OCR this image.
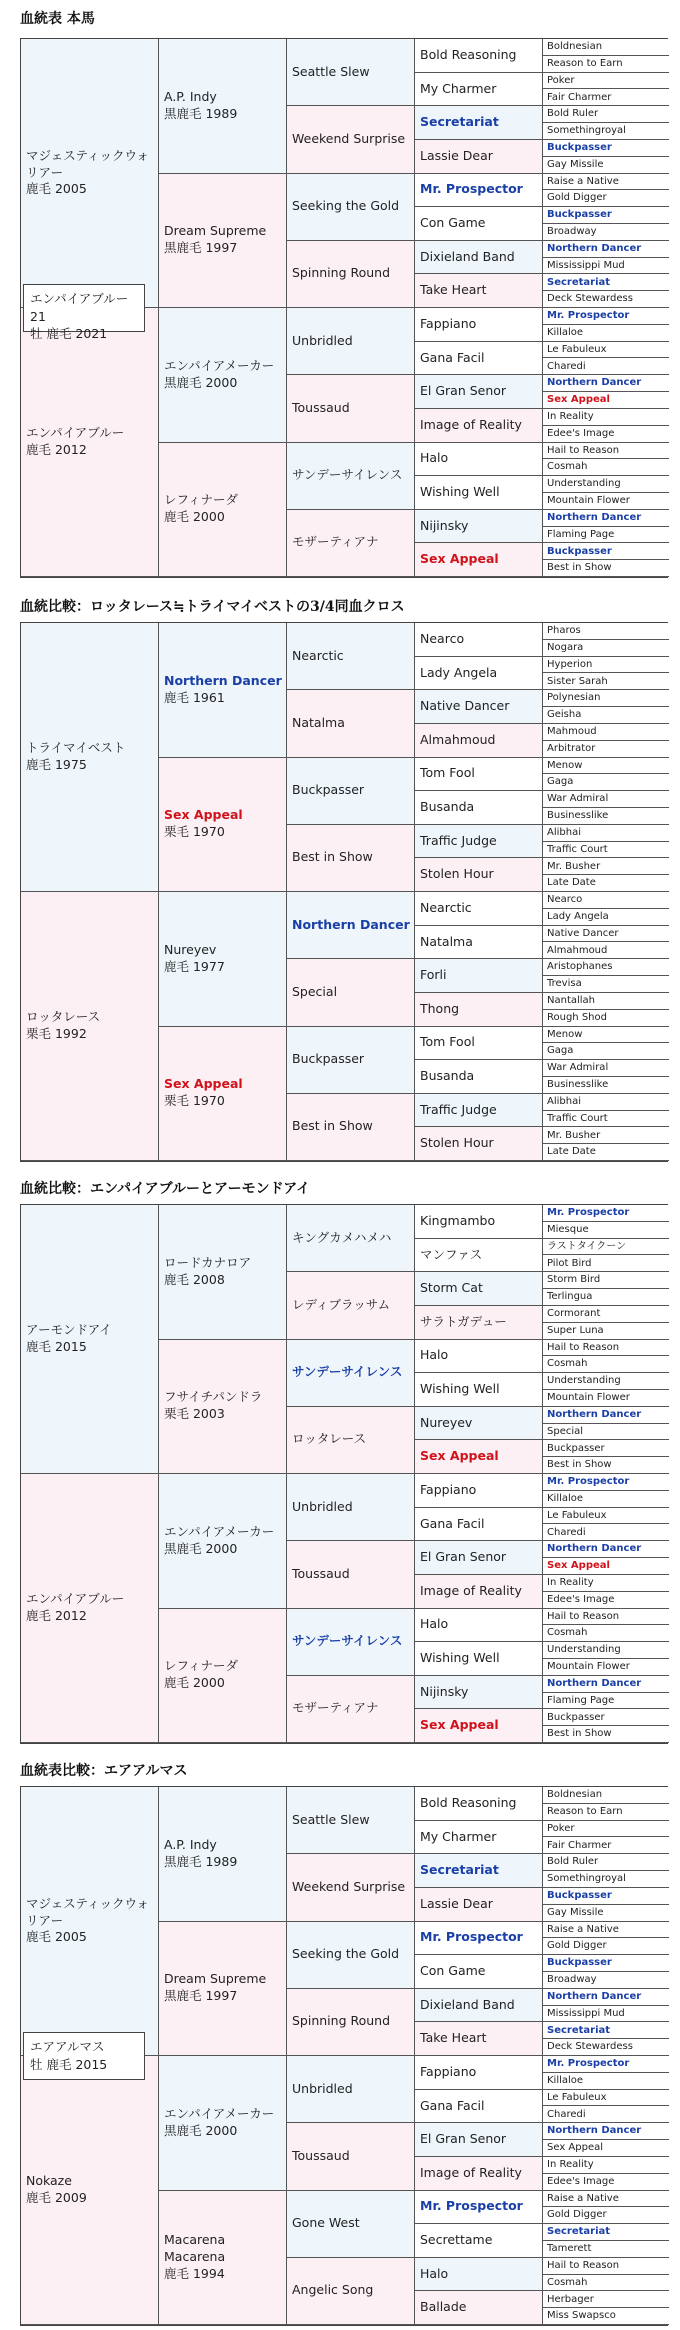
血統表 本馬
マジェスティックウォリアー
鹿毛 2005
エンパイアブルー
鹿毛 2012
A.P. Indy
黒鹿毛 1989
Dream Supreme
黒鹿毛 1997
エンパイアメーカー
黒鹿毛 2000
レフィナーダ
鹿毛 2000
Seattle Slew
Weekend Surprise
Seeking the Gold
Spinning Round
Unbridled
Toussaud
サンデーサイレンス
モザーティアナ
Bold Reasoning
My Charmer
Secretariat
Lassie Dear
Mr. Prospector
Con Game
Dixieland Band
Take Heart
Fappiano
Gana Facil
El Gran Senor
Image of Reality
Halo
Wishing Well
Nijinsky
Sex Appeal
Boldnesian
Reason to Earn
Poker
Fair Charmer
Bold Ruler
Somethingroyal
Buckpasser
Gay Missile
Raise a Native
Gold Digger
Buckpasser
Broadway
Northern Dancer
Mississippi Mud
Secretariat
Deck Stewardess
Mr. Prospector
Killaloe
Le Fabuleux
Charedi
Northern Dancer
Sex Appeal
In Reality
Edee's Image
Hail to Reason
Cosmah
Understanding
Mountain Flower
Northern Dancer
Flaming Page
Buckpasser
Best in Show
エンパイアブルー21
牡 鹿毛 2021
血統比較：ロッタレース≒トライマイベストの3/4同血クロス
トライマイベスト
鹿毛 1975
ロッタレース
栗毛 1992
Northern Dancer
鹿毛 1961
Sex Appeal
栗毛 1970
Nureyev
鹿毛 1977
Sex Appeal
栗毛 1970
Nearctic
Natalma
Buckpasser
Best in Show
Northern Dancer
Special
Buckpasser
Best in Show
Nearco
Lady Angela
Native Dancer
Almahmoud
Tom Fool
Busanda
Traffic Judge
Stolen Hour
Nearctic
Natalma
Forli
Thong
Tom Fool
Busanda
Traffic Judge
Stolen Hour
Pharos
Nogara
Hyperion
Sister Sarah
Polynesian
Geisha
Mahmoud
Arbitrator
Menow
Gaga
War Admiral
Businesslike
Alibhai
Traffic Court
Mr. Busher
Late Date
Nearco
Lady Angela
Native Dancer
Almahmoud
Aristophanes
Trevisa
Nantallah
Rough Shod
Menow
Gaga
War Admiral
Businesslike
Alibhai
Traffic Court
Mr. Busher
Late Date
血統比較：エンパイアブルーとアーモンドアイ
アーモンドアイ
鹿毛 2015
エンパイアブルー
鹿毛 2012
ロードカナロア
鹿毛 2008
フサイチパンドラ
栗毛 2003
エンパイアメーカー
黒鹿毛 2000
レフィナーダ
鹿毛 2000
キングカメハメハ
レディブラッサム
サンデーサイレンス
ロッタレース
Unbridled
Toussaud
サンデーサイレンス
モザーティアナ
Kingmambo
マンファス
Storm Cat
サラトガデュー
Halo
Wishing Well
Nureyev
Sex Appeal
Fappiano
Gana Facil
El Gran Senor
Image of Reality
Halo
Wishing Well
Nijinsky
Sex Appeal
Mr. Prospector
Miesque
ラストタイクーン
Pilot Bird
Storm Bird
Terlingua
Cormorant
Super Luna
Hail to Reason
Cosmah
Understanding
Mountain Flower
Northern Dancer
Special
Buckpasser
Best in Show
Mr. Prospector
Killaloe
Le Fabuleux
Charedi
Northern Dancer
Sex Appeal
In Reality
Edee's Image
Hail to Reason
Cosmah
Understanding
Mountain Flower
Northern Dancer
Flaming Page
Buckpasser
Best in Show
血統表比較：エアアルマス
マジェスティックウォリアー
鹿毛 2005
Nokaze
鹿毛 2009
A.P. Indy
黒鹿毛 1989
Dream Supreme
黒鹿毛 1997
エンパイアメーカー
黒鹿毛 2000
Macarena Macarena
鹿毛 1994
Seattle Slew
Weekend Surprise
Seeking the Gold
Spinning Round
Unbridled
Toussaud
Gone West
Angelic Song
Bold Reasoning
My Charmer
Secretariat
Lassie Dear
Mr. Prospector
Con Game
Dixieland Band
Take Heart
Fappiano
Gana Facil
El Gran Senor
Image of Reality
Mr. Prospector
Secrettame
Halo
Ballade
Boldnesian
Reason to Earn
Poker
Fair Charmer
Bold Ruler
Somethingroyal
Buckpasser
Gay Missile
Raise a Native
Gold Digger
Buckpasser
Broadway
Northern Dancer
Mississippi Mud
Secretariat
Deck Stewardess
Mr. Prospector
Killaloe
Le Fabuleux
Charedi
Northern Dancer
Sex Appeal
In Reality
Edee's Image
Raise a Native
Gold Digger
Secretariat
Tamerett
Hail to Reason
Cosmah
Herbager
Miss Swapsco
エアアルマス
牡 鹿毛 2015
